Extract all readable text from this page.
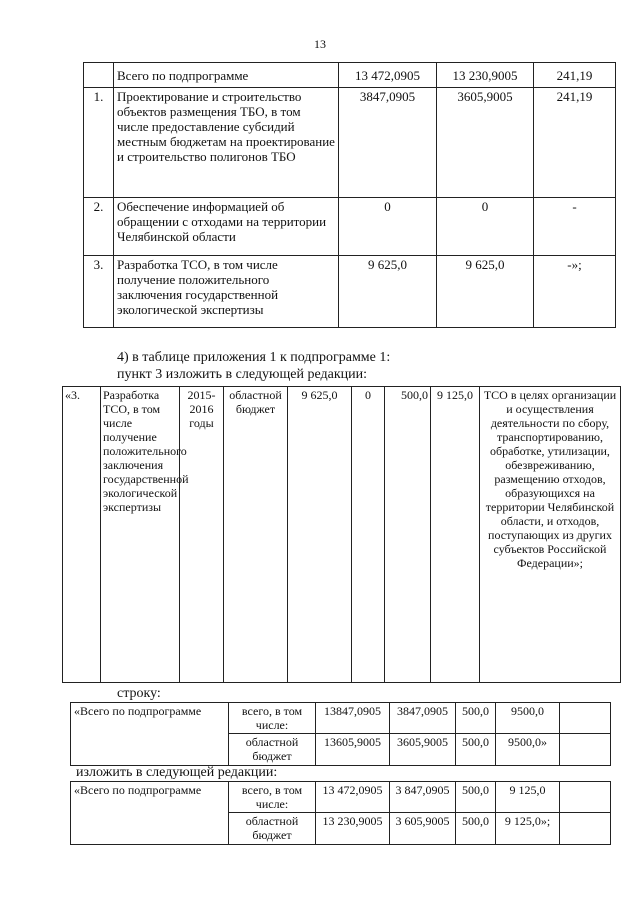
13
	Всего по подпрограмме	13 472,0905	13 230,9005	241,19
1.	Проектирование и строительство объектов размещения ТБО, в том числе предоставление субсидий местным бюджетам на проектирование и строительство полигонов ТБО	3847,0905	3605,9005	241,19
2.	Обеспечение информацией об обращении с отходами на территории Челябинской области	0	0	-
3.	Разработка ТСО, в том числе получение положительного заключения государственной экологической экспертизы	9 625,0	9 625,0	-»;
4) в таблице приложения 1 к подпрограмме 1:
пункт 3 изложить в следующей редакции:
«3.	Разработка ТСО, в том числе получение положительного заключения государственной экологической экспертизы	2015-2016 годы	областной бюджет	9 625,0	0	500,0	9 125,0	ТСО в целях организации и осуществления деятельности по сбору, транспортированию, обработке, утилизации, обезвреживанию, размещению отходов, образующихся на территории Челябинской области, и отходов, поступающих из других субъектов Российской Федерации»;
строку:
«Всего по подпрограмме	всего, в том числе:	13847,0905	3847,0905	500,0	9500,0	
	областной бюджет	13605,9005	3605,9005	500,0	9500,0»	
изложить в следующей редакции:
«Всего по подпрограмме	всего, в том числе:	13 472,0905	3 847,0905	500,0	9 125,0	
	областной бюджет	13 230,9005	3 605,9005	500,0	9 125,0»;	
